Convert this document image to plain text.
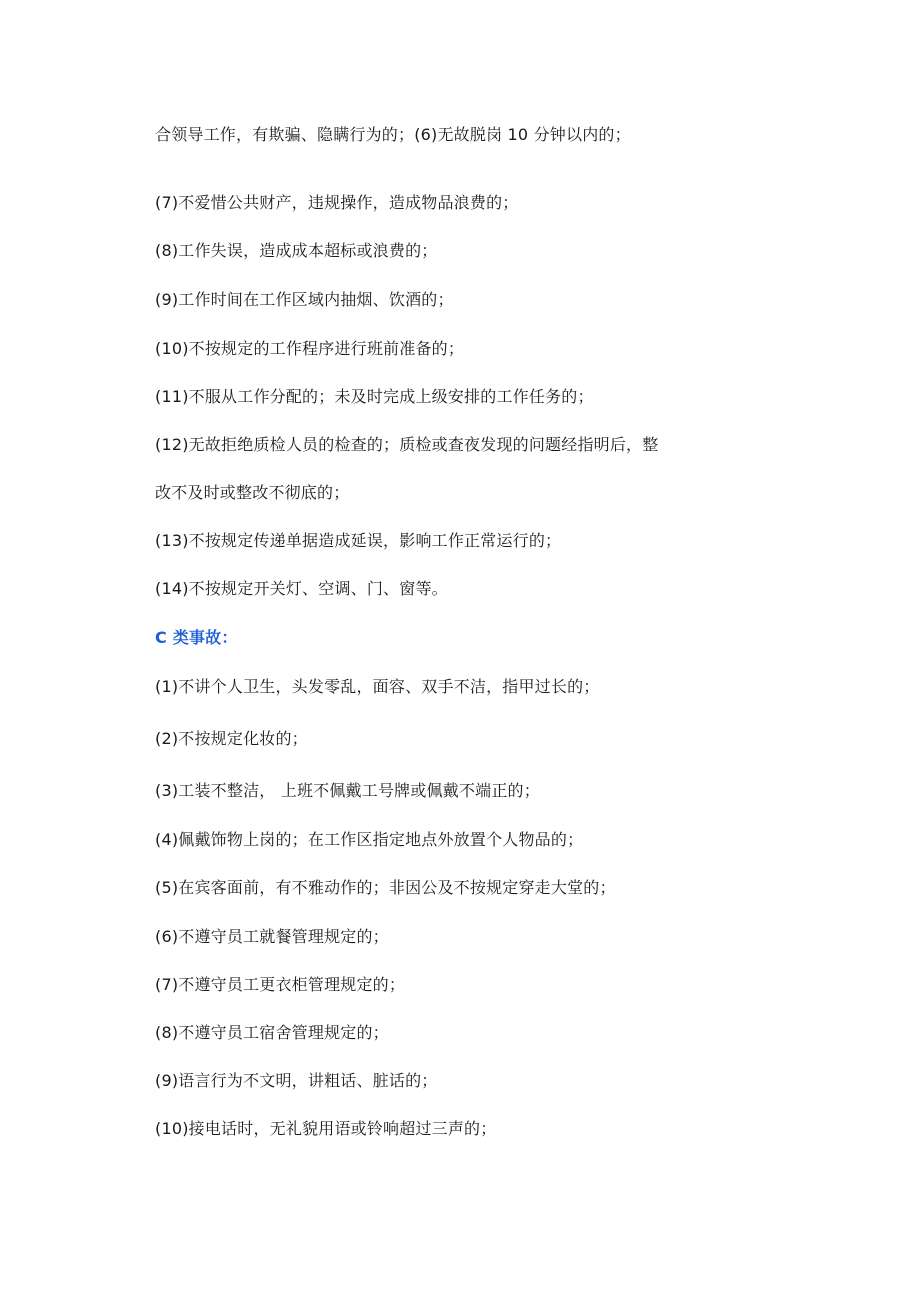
合领导工作，有欺骗、隐瞒行为的；(6)无故脱岗 10 分钟以内的；
(7)不爱惜公共财产，违规操作，造成物品浪费的；
(8)工作失误，造成成本超标或浪费的；
(9)工作时间在工作区域内抽烟、饮酒的；
(10)不按规定的工作程序进行班前准备的；
(11)不服从工作分配的；未及时完成上级安排的工作任务的；
(12)无故拒绝质检人员的检查的；质检或查夜发现的问题经指明后，整
改不及时或整改不彻底的；
(13)不按规定传递单据造成延误，影响工作正常运行的；
(14)不按规定开关灯、空调、门、窗等。
C 类事故：
(1)不讲个人卫生，头发零乱，面容、双手不洁，指甲过长的；
(2)不按规定化妆的；
(3)工装不整洁， 上班不佩戴工号牌或佩戴不端正的；
(4)佩戴饰物上岗的；在工作区指定地点外放置个人物品的；
(5)在宾客面前，有不雅动作的；非因公及不按规定穿走大堂的；
(6)不遵守员工就餐管理规定的；
(7)不遵守员工更衣柜管理规定的；
(8)不遵守员工宿舍管理规定的；
(9)语言行为不文明，讲粗话、脏话的；
(10)接电话时，无礼貌用语或铃响超过三声的；
